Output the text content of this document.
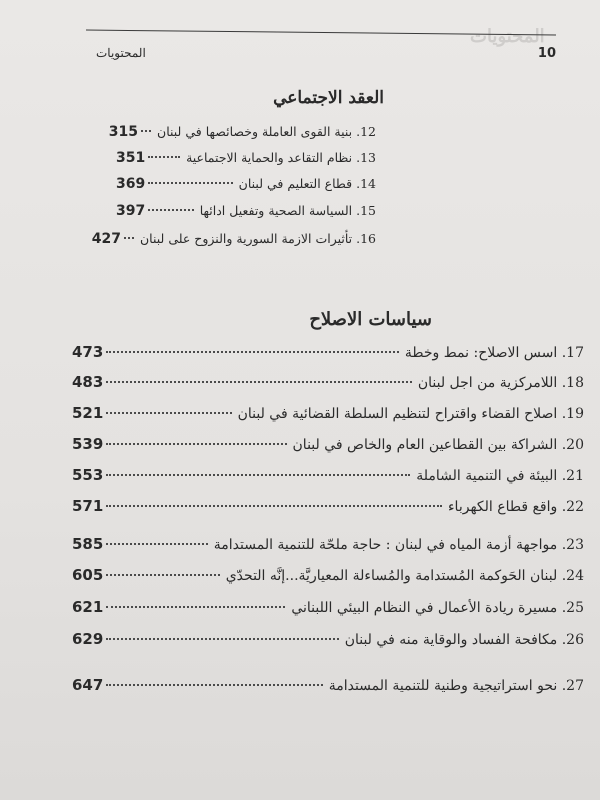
المحتويات
المحتويات	10
العقد الاجتماعي
سياسات الاصلاح
12. بنية القوى العاملة وخصائصها في لبنان
315
13. نظام التقاعد والحماية الاجتماعية
351
14. قطاع التعليم في لبنان
369
15. السياسة الصحية وتفعيل ادائها
397
16. تأثيرات الازمة السورية والنزوح على لبنان
427
17. اسس الاصلاح: نمط وخطة
473
18. اللامركزية من اجل لبنان
483
19. اصلاح القضاء واقتراح لتنظيم السلطة القضائية في لبنان
521
20. الشراكة بين القطاعين العام والخاص في لبنان
539
21. البيئة في التنمية الشاملة
553
22. واقع قطاع الكهرباء
571
23. مواجهة أزمة المياه في لبنان : حاجة ملحّة للتنمية المستدامة
585
24. لبنان الحَوكمة المُستدامة والمُساءلة المعياريَّة...إنَّه التحدّي
605
25. مسيرة ريادة الأعمال في النظام البيئي اللبناني
621
26. مكافحة الفساد والوقاية منه في لبنان
629
27. نحو استراتيجية وطنية للتنمية المستدامة
647
